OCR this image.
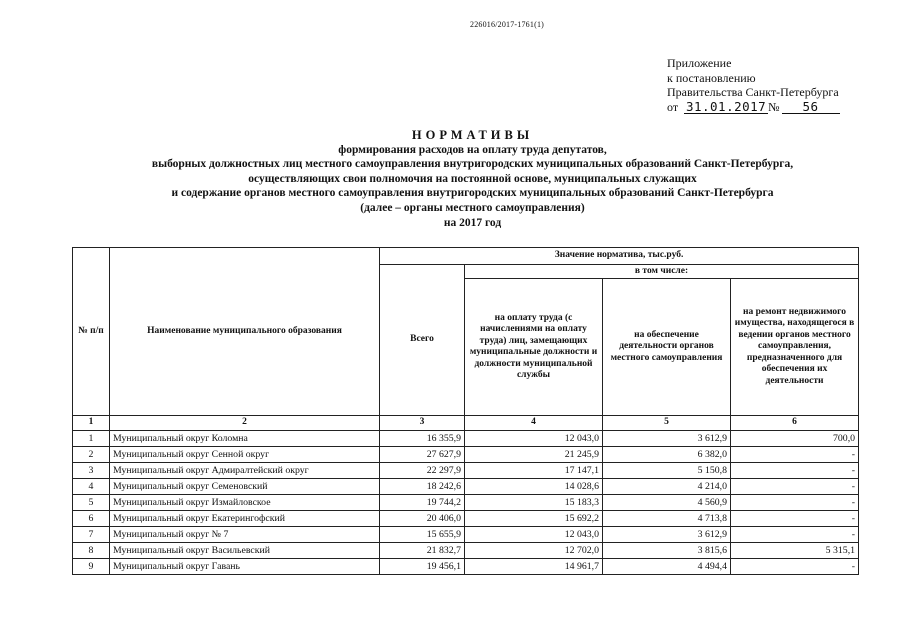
226016/2017-1761(1)
Приложение
к постановлению
Правительства Санкт-Петербурга
от 31.01.2017 № 56
НОРМАТИВЫ
формирования расходов на оплату труда депутатов,
выборных должностных лиц местного самоуправления внутригородских муниципальных образований Санкт-Петербурга,
осуществляющих свои полномочия на постоянной основе, муниципальных служащих
и содержание органов местного самоуправления внутригородских муниципальных образований Санкт-Петербурга
(далее – органы местного самоуправления)
на 2017 год
№ п/п	Наименование муниципального образования	Значение норматива, тыс.руб.			
		Всего	в том числе:		
			на оплату труда (с начислениями на оплату труда) лиц, замещающих муниципальные должности и должности муниципальной службы	на обеспечение деятельности органов местного самоуправления	на ремонт недвижимого имущества, находящегося в ведении органов местного самоуправления, предназначенного для обеспечения их деятельности
1	2	3	4	5	6
1	Муниципальный округ Коломна	16 355,9	12 043,0	3 612,9	700,0
2	Муниципальный округ Сенной округ	27 627,9	21 245,9	6 382,0	-
3	Муниципальный округ Адмиралтейский округ	22 297,9	17 147,1	5 150,8	-
4	Муниципальный округ Семеновский	18 242,6	14 028,6	4 214,0	-
5	Муниципальный округ Измайловское	19 744,2	15 183,3	4 560,9	-
6	Муниципальный округ Екатерингофский	20 406,0	15 692,2	4 713,8	-
7	Муниципальный округ № 7	15 655,9	12 043,0	3 612,9	-
8	Муниципальный округ Васильевский	21 832,7	12 702,0	3 815,6	5 315,1
9	Муниципальный округ Гавань	19 456,1	14 961,7	4 494,4	-
